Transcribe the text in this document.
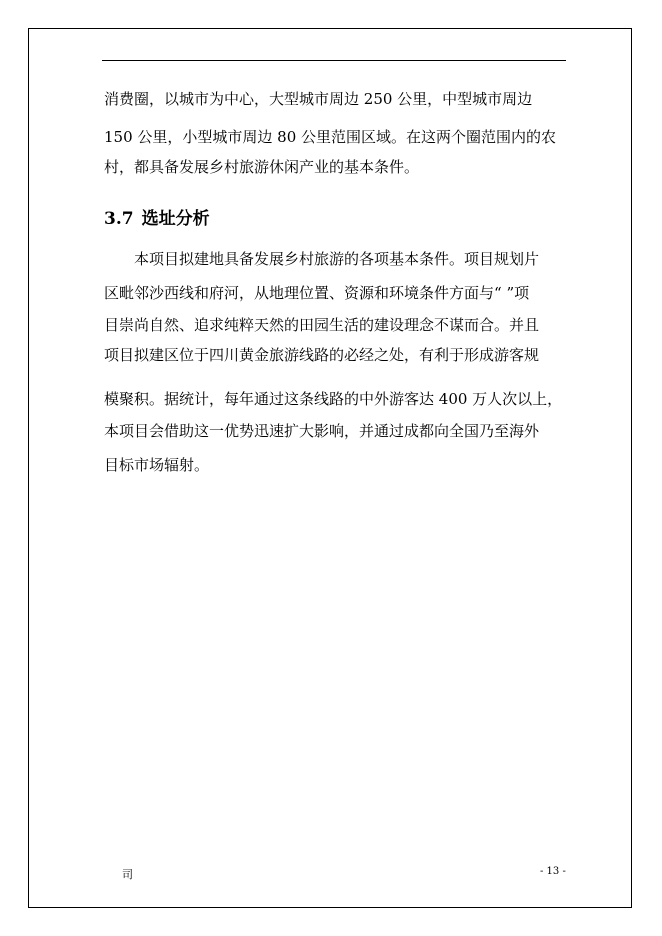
消费圈，以城市为中心，大型城市周边 250 公里，中型城市周边
150 公里，小型城市周边 80 公里范围区域。在这两个圈范围内的农
村，都具备发展乡村旅游休闲产业的基本条件。
3.7 选址分析
本项目拟建地具备发展乡村旅游的各项基本条件。项目规划片
区毗邻沙西线和府河，从地理位置、资源和环境条件方面与“ ”项
目崇尚自然、追求纯粹天然的田园生活的建设理念不谋而合。并且
项目拟建区位于四川黄金旅游线路的必经之处，有利于形成游客规
模聚积。据统计，每年通过这条线路的中外游客达 400 万人次以上，
本项目会借助这一优势迅速扩大影响，并通过成都向全国乃至海外
目标市场辐射。
司	- 13 -
